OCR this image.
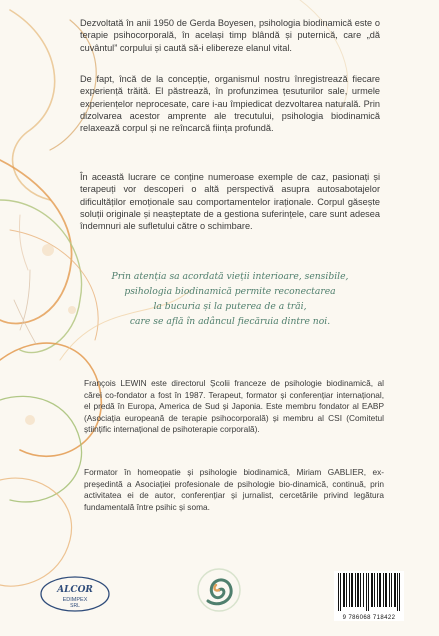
Dezvoltată în anii 1950 de Gerda Boyesen, psihologia biodinamică este o terapie psihocorporală, în același timp blândă și puternică, care „dă cuvântul” corpului și caută să-i elibereze elanul vital.

De fapt, încă de la concepție, organismul nostru înregistrează fiecare experiență trăită. El păstrează, în profunzimea țesuturilor sale, urmele experiențelor neprocesate, care i-au împiedicat dezvoltarea naturală. Prin dizolvarea acestor amprente ale trecutului, psihologia biodinamică relaxează corpul și ne reîncarcă ființa profundă.

În această lucrare ce conține numeroase exemple de caz, pasionați și terapeuți vor descoperi o altă perspectivă asupra autosabotajelor dificultăților emoționale sau comportamentelor iraționale. Corpul găsește soluții originale și neașteptate de a gestiona suferințele, care sunt adesea îndemnuri ale sufletului către o schimbare.

Prin atenția sa acordată vieții interioare, sensibile,
psihologia biodinamică permite reconectarea
la bucuria și la puterea de a trăi,
care se află în adâncul fiecăruia dintre noi.

François LEWIN este directorul Școlii franceze de psihologie biodinamică, al cărei co-fondator a fost în 1987. Terapeut, formator și conferențiar internațional, el predă în Europa, America de Sud și Japonia. Este membru fondator al EABP (Asociația europeană de terapie psihocorporală) și membru al CSI (Comitetul științific internațional de psihoterapie corporală).

Formator în homeopatie și psihologie biodinamică, Miriam GABLIER, ex-președintă a Asociației profesionale de psihologie bio-dinamică, continuă, prin activitatea ei de autor, conferențiar și jurnalist, cercetările privind legătura fundamentală între psihic și soma.

ALCOR
EDIMPEX
SRL
9 786068 718422
